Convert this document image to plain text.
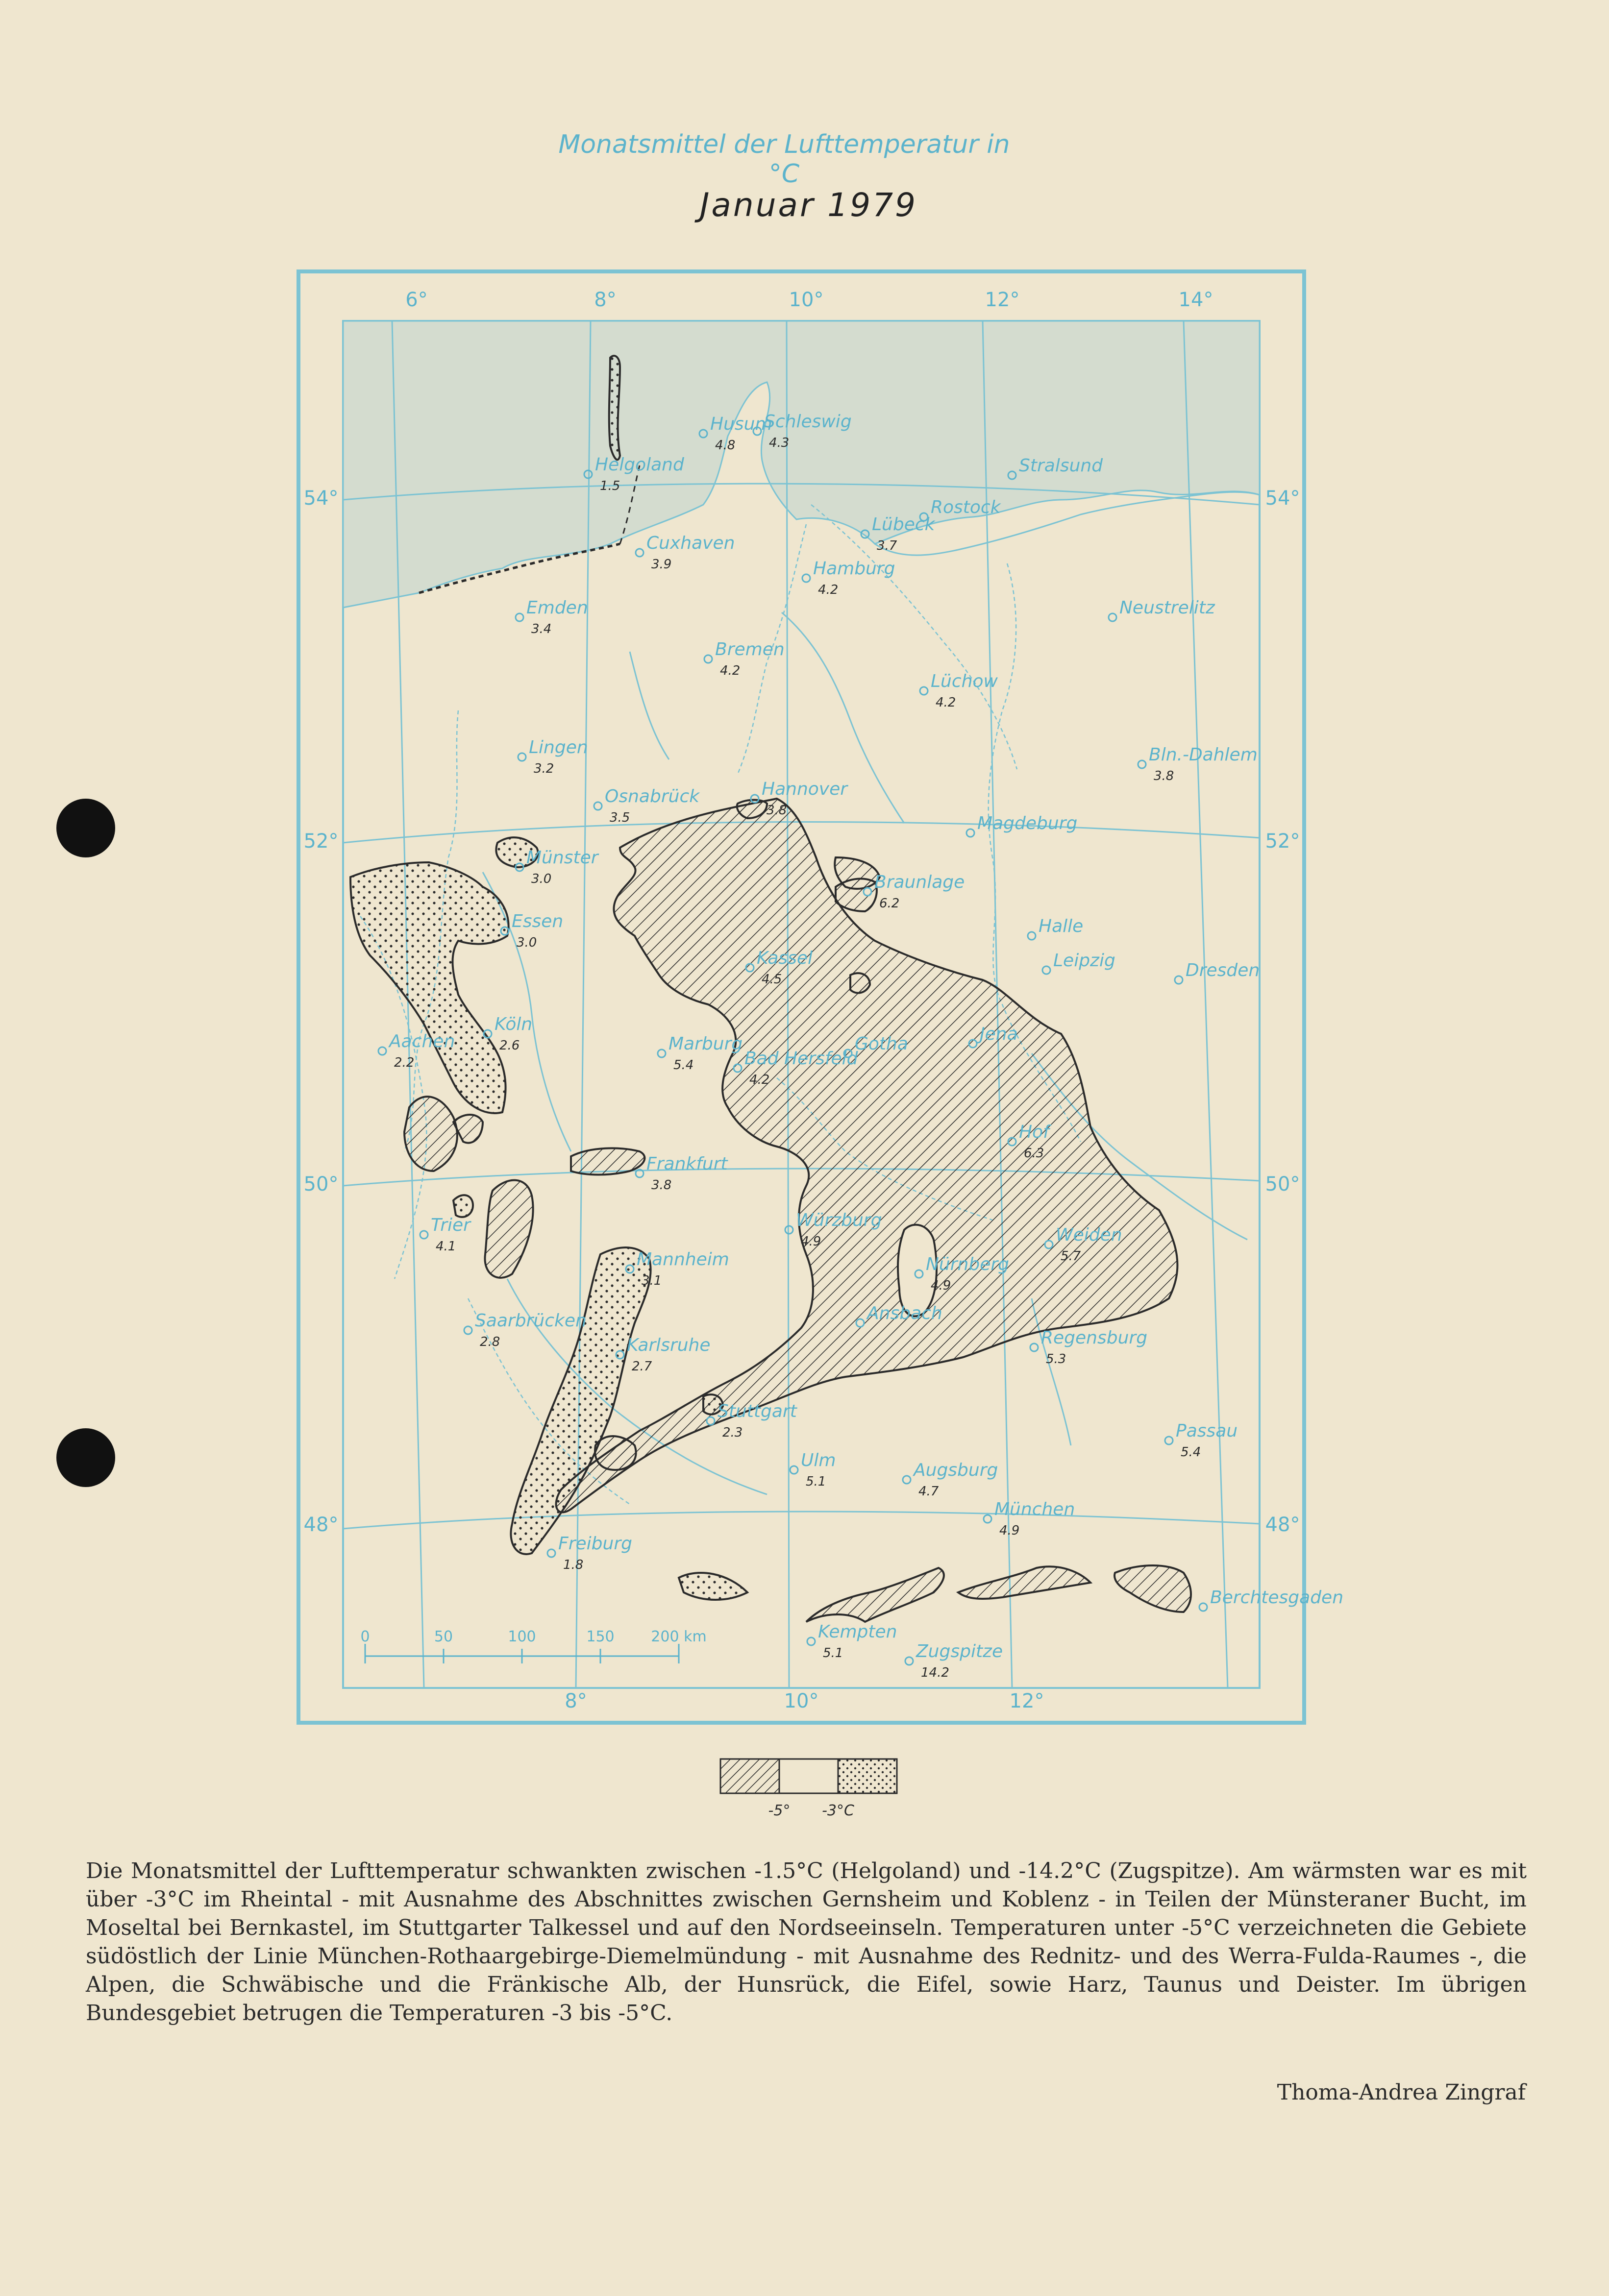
Monatsmittel der Lufttemperatur in °C
Januar 1979
6°	8°	10°	12°	14°
8°	10°	12°
54°	54°
52°	52°
50°	50°
48°	48°
Helgoland
1.5
Schleswig
4.3
Husum
4.8
Stralsund
Rostock
Lübeck
3.7
Cuxhaven
3.9	Hamburg
4.2
Emden
3.4
Neustrelitz
Bremen
4.2
Lüchow
4.2
Lingen
3.2
Bln.-Dahlem
3.8
Osnabrück
3.5
Hannover
3.8
Magdeburg
Münster
3.0	Braunlage
6.2
Essen
3.0
Halle
Kassel
4.5
Leipzig	Dresden
Aachen
2.2
Köln
2.6	Marburg
5.4	Bad Hersfeld
4.2
Jena
Gotha
Hof
6.3
Frankfurt
3.8
Trier
4.1
Würzburg
4.9	Weiden
5.7
Nürnberg
4.9
Mannheim
3.1
Saarbrücken
2.8
Ansbach
Karlsruhe
2.7
Regensburg
5.3
Stuttgart
2.3	Passau
5.4
Ulm
5.1
Augsburg
4.7
München
4.9
Freiburg
1.8
Berchtesgaden
Kempten
5.1	Zugspitze
14.2
0	50	100	150 200 km
-5° -3°C
Die Monatsmittel der Lufttemperatur schwankten zwischen -1.5°C (Helgoland) und -14.2°C (Zugspitze). Am wärmsten war es mit über -3°C im Rheintal - mit Ausnahme des Abschnittes zwischen Gernsheim und Koblenz - in Teilen der Münsteraner Bucht, im Moseltal bei Bernkastel, im Stuttgarter Talkessel und auf den Nordseeinseln. Temperaturen unter -5°C verzeichneten die Gebiete südöstlich der Linie München-Rothaargebirge-Diemelmündung - mit Ausnahme des Rednitz- und des Werra-Fulda-Raumes -, die Alpen, die Schwäbische und die Fränkische Alb, der Hunsrück, die Eifel, sowie Harz, Taunus und Deister. Im übrigen Bundesgebiet betrugen die Temperaturen -3 bis -5°C.
Thoma-Andrea Zingraf
